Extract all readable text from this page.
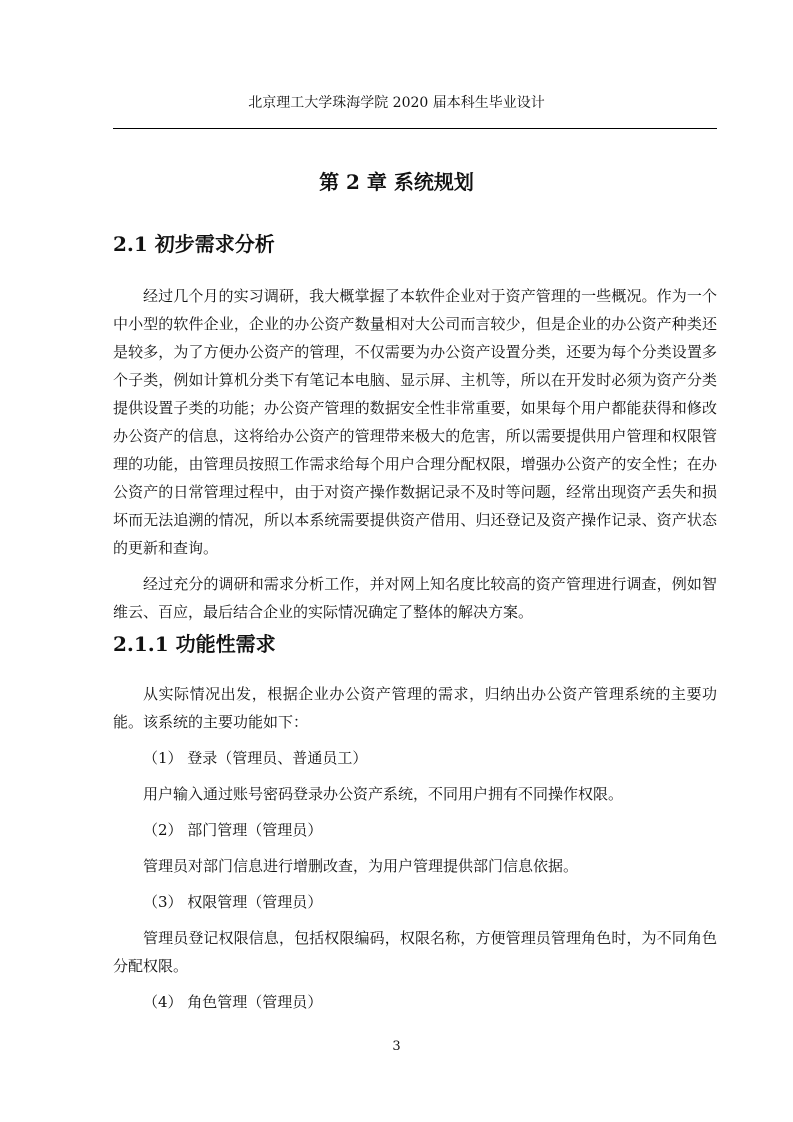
北京理工大学珠海学院 2020 届本科生毕业设计
第 2 章 系统规划
2.1 初步需求分析

经过几个月的实习调研，我大概掌握了本软件企业对于资产管理的一些概况。作为一个中小型的软件企业，企业的办公资产数量相对大公司而言较少，但是企业的办公资产种类还是较多，为了方便办公资产的管理，不仅需要为办公资产设置分类，还要为每个分类设置多个子类，例如计算机分类下有笔记本电脑、显示屏、主机等，所以在开发时必须为资产分类提供设置子类的功能；办公资产管理的数据安全性非常重要，如果每个用户都能获得和修改办公资产的信息，这将给办公资产的管理带来极大的危害，所以需要提供用户管理和权限管理的功能，由管理员按照工作需求给每个用户合理分配权限，增强办公资产的安全性；在办公资产的日常管理过程中，由于对资产操作数据记录不及时等问题，经常出现资产丢失和损坏而无法追溯的情况，所以本系统需要提供资产借用、归还登记及资产操作记录、资产状态的更新和查询。

经过充分的调研和需求分析工作，并对网上知名度比较高的资产管理进行调查，例如智维云、百应，最后结合企业的实际情况确定了整体的解决方案。

2.1.1 功能性需求

从实际情况出发，根据企业办公资产管理的需求，归纳出办公资产管理系统的主要功能。该系统的主要功能如下：

（1） 登录（管理员、普通员工）

用户输入通过账号密码登录办公资产系统，不同用户拥有不同操作权限。

（2） 部门管理（管理员）

管理员对部门信息进行增删改查，为用户管理提供部门信息依据。

（3） 权限管理（管理员）

管理员登记权限信息，包括权限编码，权限名称，方便管理员管理角色时，为不同角色分配权限。

（4） 角色管理（管理员）

3
